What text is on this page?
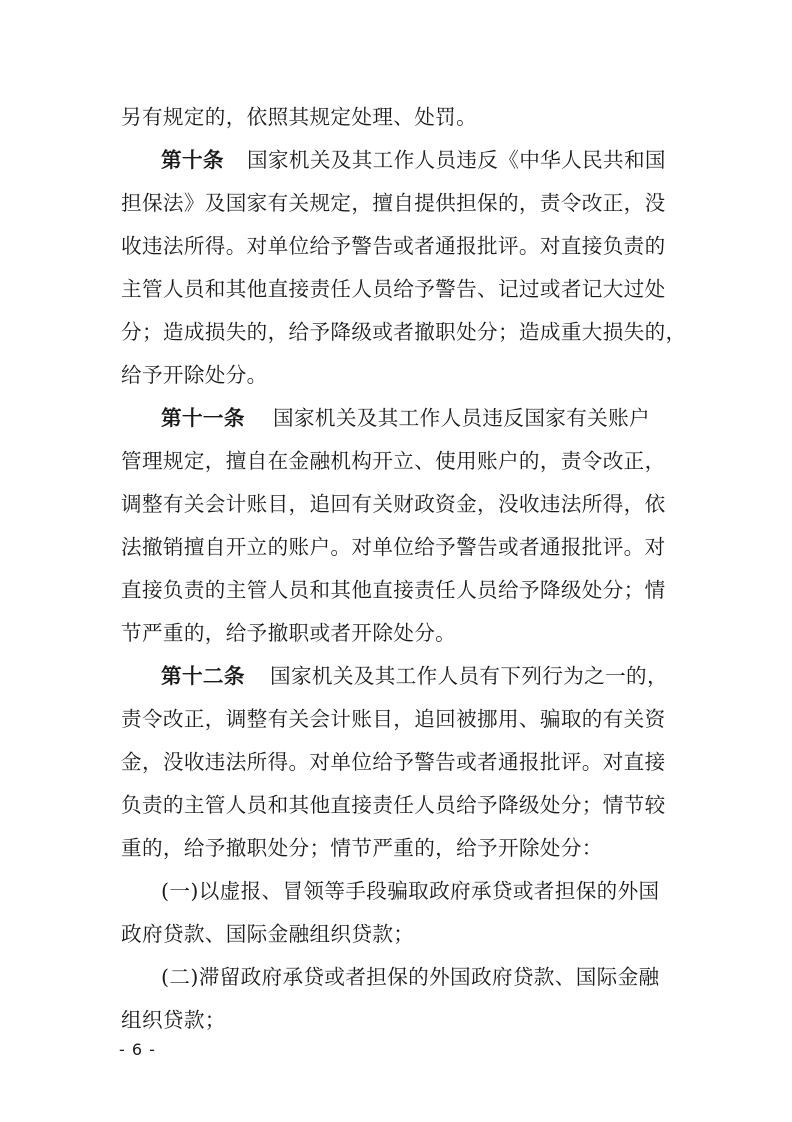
另有规定的，依照其规定处理、处罚。
第十条 国家机关及其工作人员违反《中华人民共和国
担保法》及国家有关规定，擅自提供担保的，责令改正，没
收违法所得。对单位给予警告或者通报批评。对直接负责的
主管人员和其他直接责任人员给予警告、记过或者记大过处
分；造成损失的，给予降级或者撤职处分；造成重大损失的，
给予开除处分。
第十一条 国家机关及其工作人员违反国家有关账户
管理规定，擅自在金融机构开立、使用账户的，责令改正，
调整有关会计账目，追回有关财政资金，没收违法所得，依
法撤销擅自开立的账户。对单位给予警告或者通报批评。对
直接负责的主管人员和其他直接责任人员给予降级处分；情
节严重的，给予撤职或者开除处分。
第十二条 国家机关及其工作人员有下列行为之一的，
责令改正，调整有关会计账目，追回被挪用、骗取的有关资
金，没收违法所得。对单位给予警告或者通报批评。对直接
负责的主管人员和其他直接责任人员给予降级处分；情节较
重的，给予撤职处分；情节严重的，给予开除处分：
(一)以虚报、冒领等手段骗取政府承贷或者担保的外国
政府贷款、国际金融组织贷款；
(二)滞留政府承贷或者担保的外国政府贷款、国际金融
组织贷款；
- 6 -
